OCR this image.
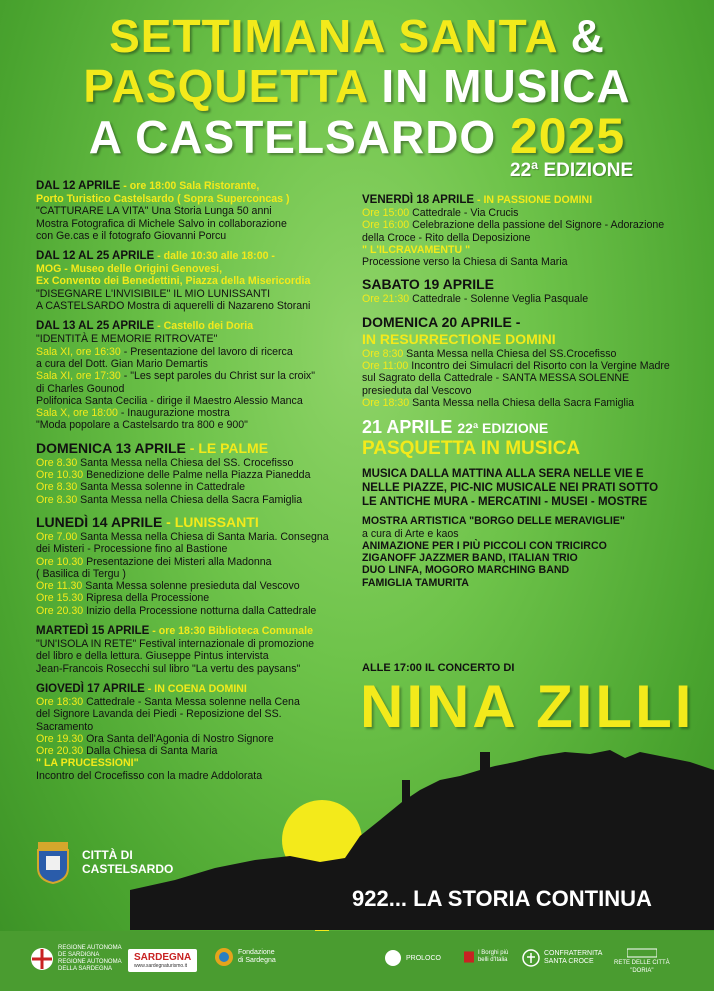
SETTIMANA SANTA &
PASQUETTA IN MUSICA
A CASTELSARDO 2025
22ª EDIZIONE
DAL 12 APRILE - ore 18:00 Sala Ristorante,
Porto Turistico Castelsardo ( Sopra Superconcas )
"CATTURARE LA VITA" Una Storia Lunga 50 anni
Mostra Fotografica di Michele Salvo in collaborazione
con Ge.cas e il fotografo Giovanni Porcu
DAL 12 AL 25 APRILE - dalle 10:30 alle 18:00 -
MOG - Museo delle Origini Genovesi,
Ex Convento dei Benedettini, Piazza della Misericordia
"DISEGNARE L'INVISIBILE" IL MIO LUNISSANTI
A CASTELSARDO Mostra di aquerelli di Nazareno Storani
DAL 13 AL 25 APRILE - Castello dei Doria
"IDENTITÀ E MEMORIE RITROVATE"
Sala XI, ore 16:30 - Presentazione del lavoro di ricerca
a cura del Dott. Gian Mario Demartis
Sala XI, ore 17:30 - "Les sept paroles du Christ sur la croix"
di Charles Gounod
Polifonica Santa Cecilia - dirige il Maestro Alessio Manca
Sala X, ore 18:00 - Inaugurazione mostra
"Moda popolare a Castelsardo tra 800 e 900"
DOMENICA 13 APRILE - LE PALME
Ore 8.30 Santa Messa nella Chiesa del SS. Crocefisso
Ore 10.30 Benedizione delle Palme nella Piazza Pianedda
Ore 8.30 Santa Messa solenne in Cattedrale
Ore 8.30 Santa Messa nella Chiesa della Sacra Famiglia
LUNEDÌ 14 APRILE - LUNISSANTI
Ore 7.00 Santa Messa nella Chiesa di Santa Maria. Consegna
dei Misteri - Processione fino al Bastione
Ore 10.30 Presentazione dei Misteri alla Madonna
( Basilica di Tergu )
Ore 11.30 Santa Messa solenne presieduta dal Vescovo
Ore 15.30 Ripresa della Processione
Ore 20.30 Inizio della Processione notturna dalla Cattedrale
MARTEDÌ 15 APRILE - ore 18:30 Biblioteca Comunale
"UN'ISOLA IN RETE" Festival internazionale di promozione
del libro e della lettura. Giuseppe Pintus intervista
Jean-Francois Rosecchi sul libro "La vertu des paysans"
GIOVEDÌ 17 APRILE - IN COENA DOMINI
Ore 18:30 Cattedrale - Santa Messa solenne nella Cena
del Signore Lavanda dei Piedi - Reposizione del SS. Sacramento
Ore 19.30 Ora Santa dell'Agonia di Nostro Signore
Ore 20.30 Dalla Chiesa di Santa Maria
" LA PRUCESSIONI"
Incontro del Crocefisso con la madre Addolorata
VENERDÌ 18 APRILE - IN PASSIONE DOMINI
Ore 15:00 Cattedrale - Via Crucis
Ore 16:00 Celebrazione della passione del Signore - Adorazione
della Croce - Rito della Deposizione
" L'ILCRAVAMENTU "
Processione verso la Chiesa di Santa Maria
SABATO 19 APRILE
Ore 21:30 Cattedrale - Solenne Veglia Pasquale
DOMENICA 20 APRILE -
IN RESURRECTIONE DOMINI
Ore 8:30 Santa Messa nella Chiesa del SS.Crocefisso
Ore 11:00 Incontro dei Simulacri del Risorto con la Vergine Madre
sul Sagrato della Cattedrale - SANTA MESSA SOLENNE
presieduta dal Vescovo
Ore 18:30 Santa Messa nella Chiesa della Sacra Famiglia
21 APRILE 22ª EDIZIONE
PASQUETTA IN MUSICA
MUSICA DALLA MATTINA ALLA SERA NELLE VIE E
NELLE PIAZZE, PIC-NIC MUSICALE NEI PRATI SOTTO
LE ANTICHE MURA - MERCATINI - MUSEI - MOSTRE
MOSTRA ARTISTICA "BORGO DELLE MERAVIGLIE"
a cura di Arte e kaos
ANIMAZIONE PER I PIÙ PICCOLI CON TRICIRCO
ZIGANOFF JAZZMER BAND, ITALIAN TRIO
DUO LINFA, MOGORO MARCHING BAND
FAMIGLIA TAMURITA
ALLE 17:00 IL CONCERTO DI
NINA ZILLI
CITTÀ DI
CASTELSARDO
922... LA STORIA CONTINUA
REGIONE AUTONOMA
DE SARDIGNA
REGIONE AUTONOMA
DELLA SARDEGNA
SARDEGNA
www.sardegnaturismo.it
Fondazione
di Sardegna	PROLOCO
I Borghi più belli d'Italia
CONFRATERNITA
SANTA CROCE	RETE DELLE CITTÀ
"DORIA"
